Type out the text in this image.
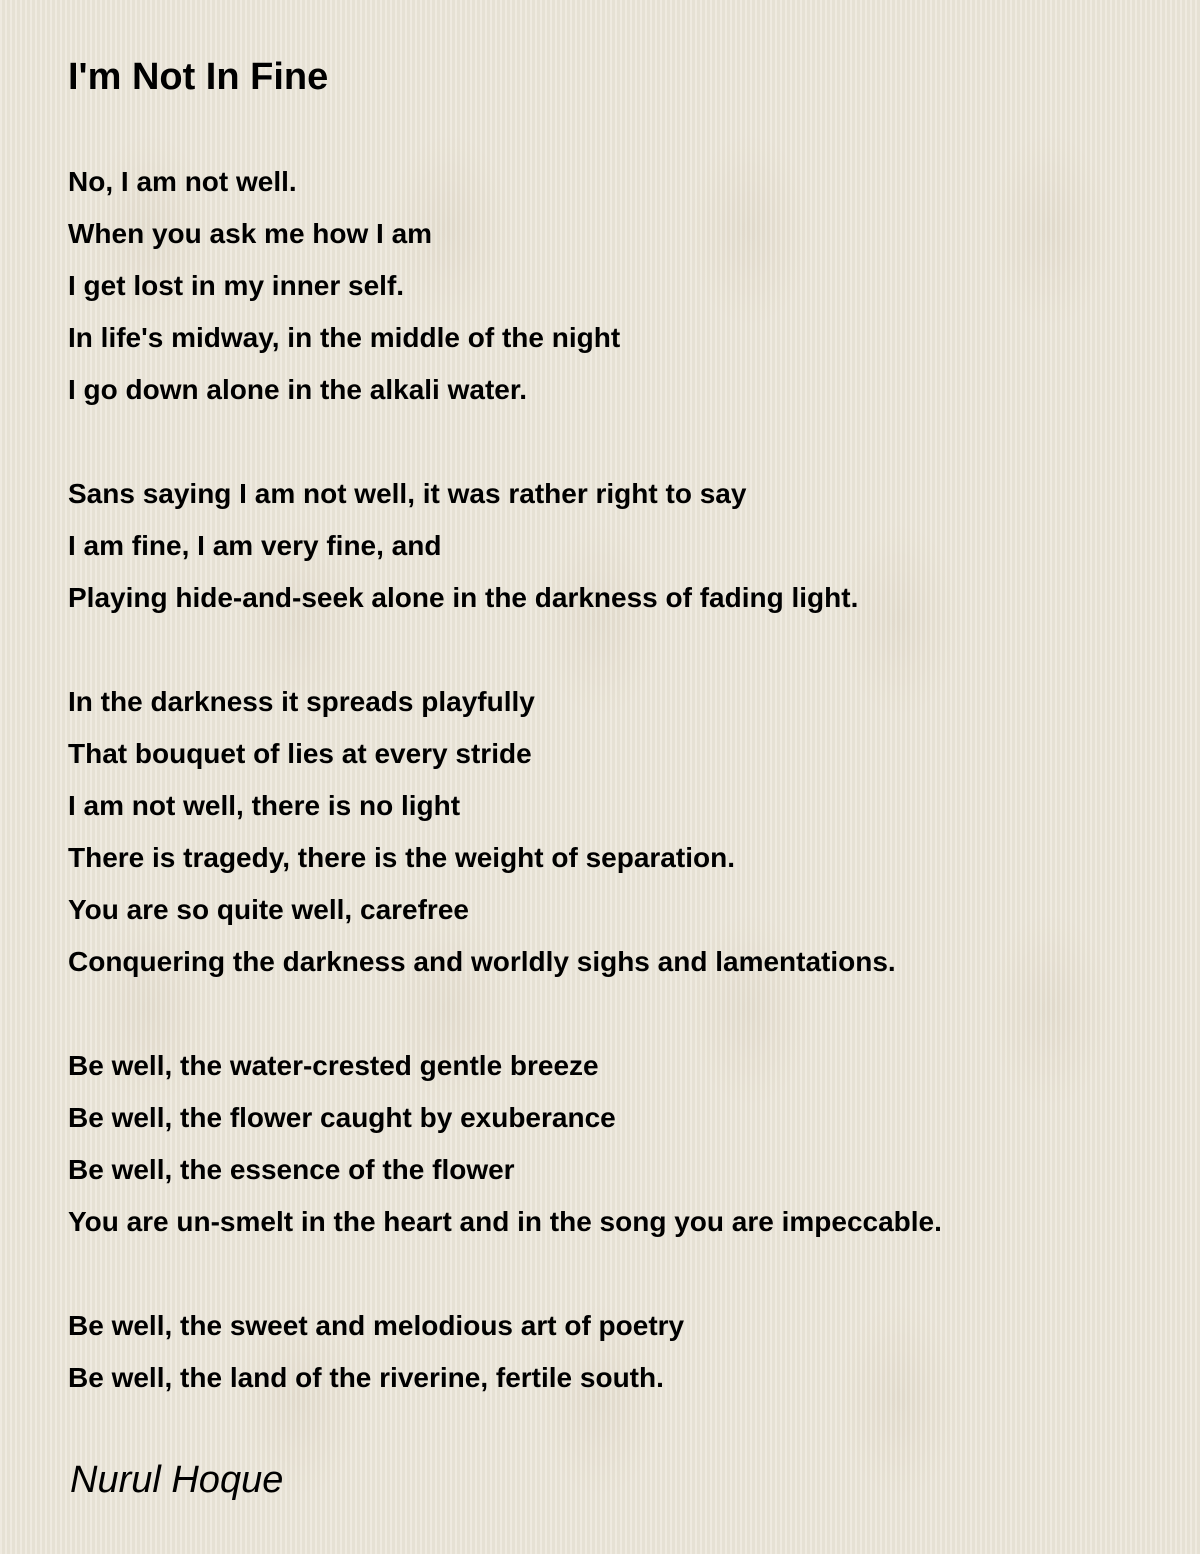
I'm Not In Fine
No, I am not well.
When you ask me how I am
I get lost in my inner self.
In life's midway, in the middle of the night
I go down alone in the alkali water.
Sans saying I am not well, it was rather right to say
I am fine, I am very fine, and
Playing hide-and-seek alone in the darkness of fading light.
In the darkness it spreads playfully
That bouquet of lies at every stride
I am not well, there is no light
There is tragedy, there is the weight of separation.
You are so quite well, carefree
Conquering the darkness and worldly sighs and lamentations.
Be well, the water-crested gentle breeze
Be well, the flower caught by exuberance
Be well, the essence of the flower
You are un-smelt in the heart and in the song you are impeccable.
Be well, the sweet and melodious art of poetry
Be well, the land of the riverine, fertile south.
Nurul Hoque
